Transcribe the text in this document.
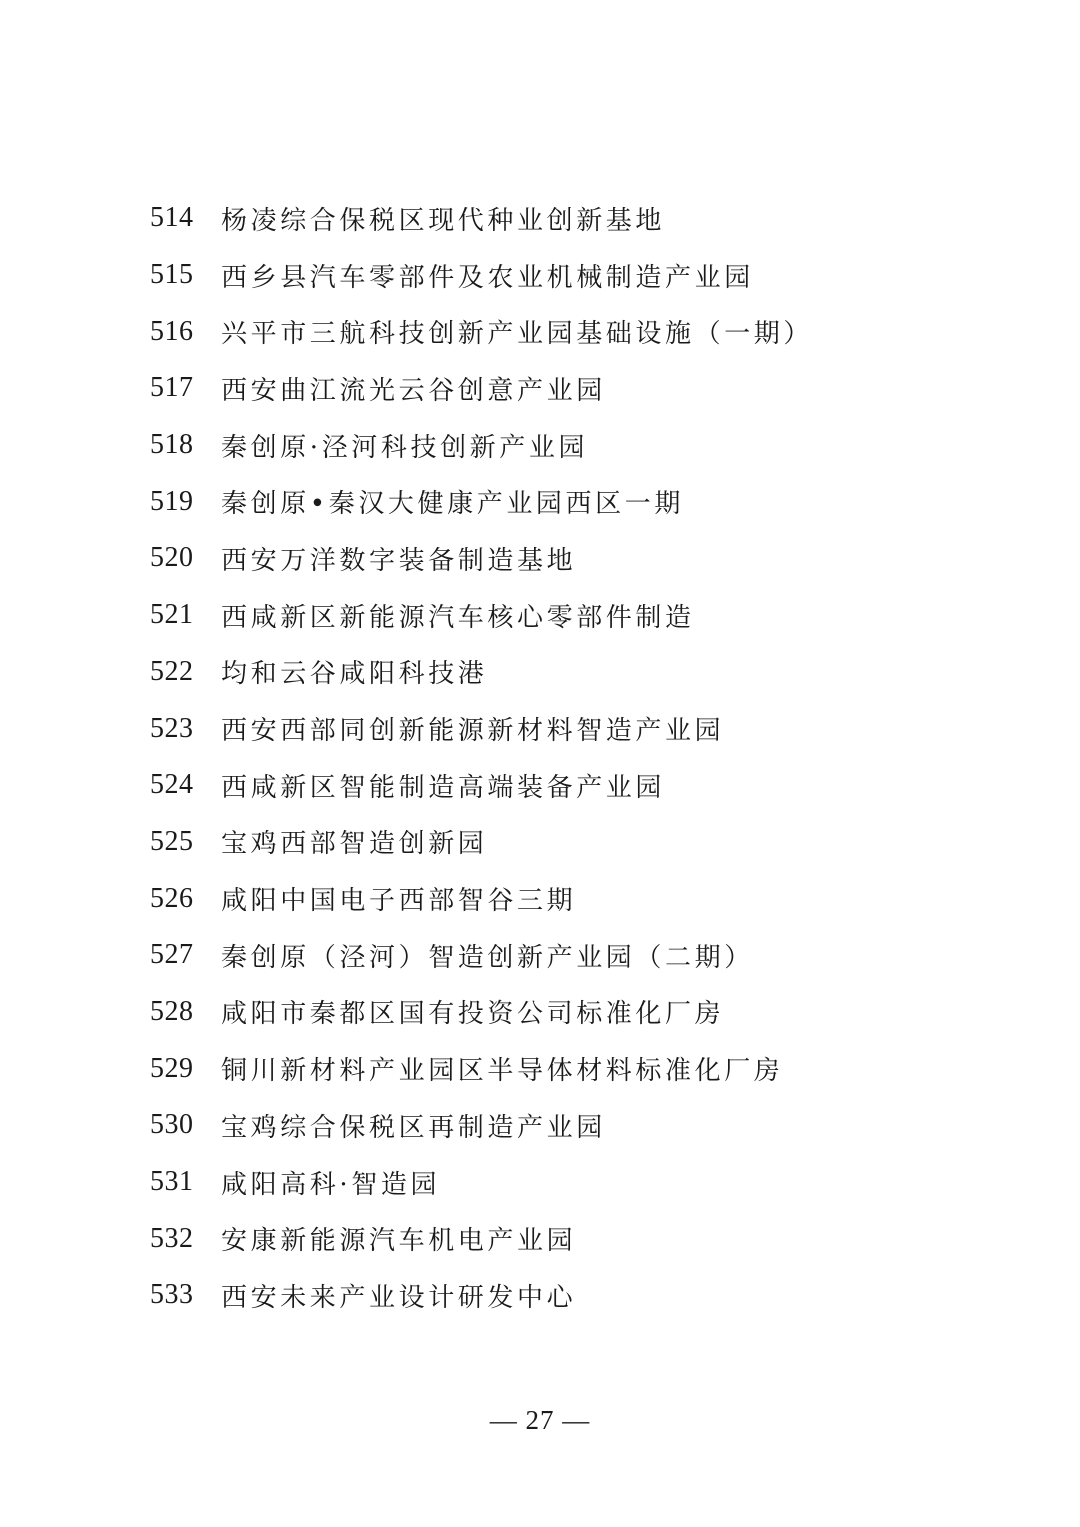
514	杨凌综合保税区现代种业创新基地
515	西乡县汽车零部件及农业机械制造产业园
516	兴平市三航科技创新产业园基础设施（一期）
517	西安曲江流光云谷创意产业园
518	秦创原·泾河科技创新产业园
519	秦创原•秦汉大健康产业园西区一期
520	西安万洋数字装备制造基地
521	西咸新区新能源汽车核心零部件制造
522	均和云谷咸阳科技港
523	西安西部同创新能源新材料智造产业园
524	西咸新区智能制造高端装备产业园
525	宝鸡西部智造创新园
526	咸阳中国电子西部智谷三期
527	秦创原（泾河）智造创新产业园（二期）
528	咸阳市秦都区国有投资公司标准化厂房
529	铜川新材料产业园区半导体材料标准化厂房
530	宝鸡综合保税区再制造产业园
531	咸阳高科·智造园
532	安康新能源汽车机电产业园
533	西安未来产业设计研发中心
— 27 —
